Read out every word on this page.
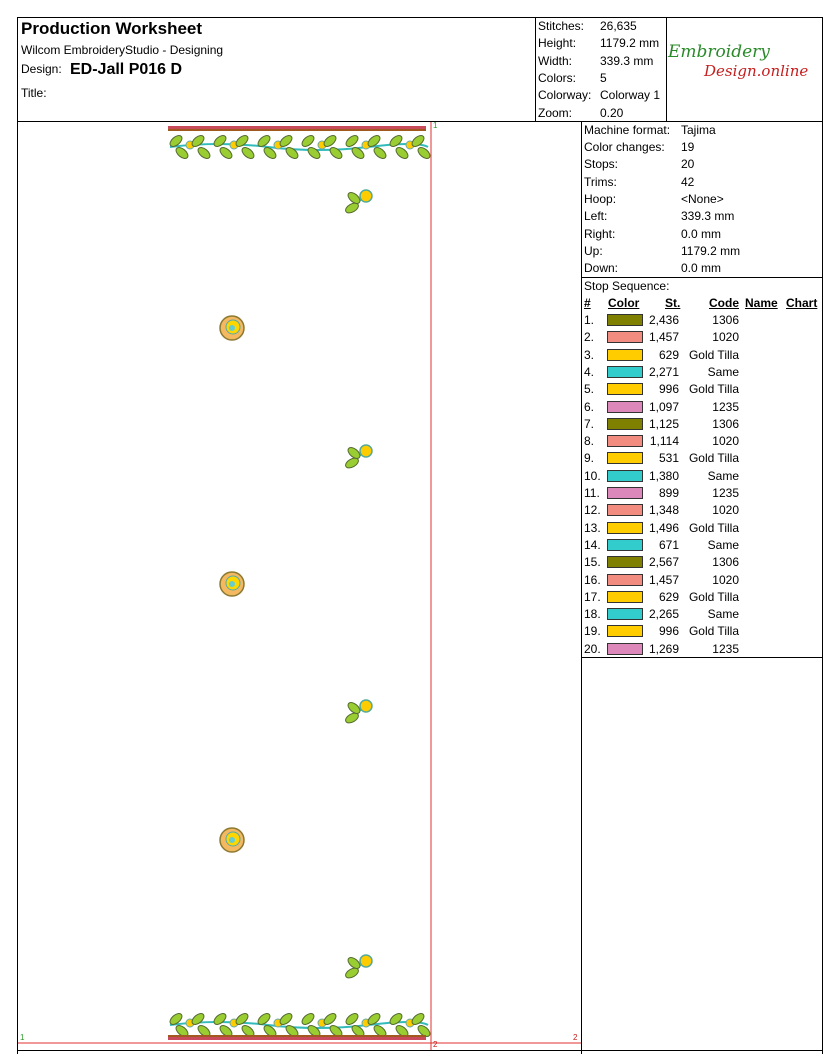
Production Worksheet
Wilcom EmbroideryStudio - Designing
Design: ED-Jall P016 D
Title:
Stitches: 26,635
Height: 1179.2 mm
Width: 339.3 mm
Colors: 5
Colorway: Colorway 1
Zoom: 0.20
Embroidery
Design.online
Machine format: Tajima
Color changes: 19
Stops:	20
Trims:	42
Hoop:	<None>
Left:	339.3 mm
Right:	0.0 mm
Up:	1179.2 mm
Down:	0.0 mm
Stop Sequence:
# Color St. Code Name Chart
1.	2,436	1306
2.	1,457	1020
3.	629 Gold Tilla
4.	2,271	Same
5.	996 Gold Tilla
6.	1,097	1235
7.	1,125	1306
8.	1,114	1020
9.	531 Gold Tilla
10.	1,380	Same
11.	899	1235
12.	1,348	1020
13.	1,496 Gold Tilla
14.	671	Same
15.	2,567	1306
16.	1,457	1020
17.	629 Gold Tilla
18.	2,265	Same
19.	996 Gold Tilla
20.	1,269	1235
1
1
2
2
